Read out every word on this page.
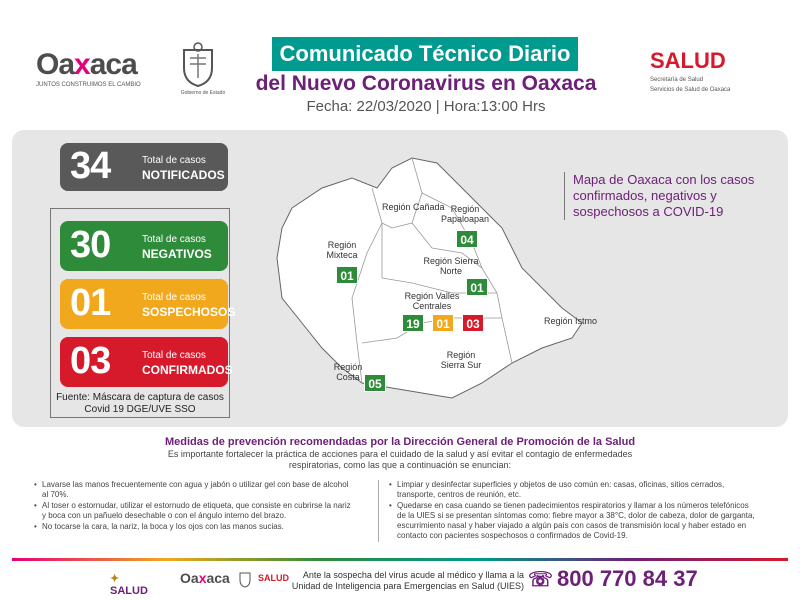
Oaxaca
JUNTOS CONSTRUIMOS EL CAMBIO
Gobierno de Estado
Comunicado Técnico Diario
del Nuevo Coronavirus en Oaxaca
Fecha: 22/03/2020 | Hora:13:00 Hrs
SALUD
Secretaría de Salud
Servicios de Salud de Oaxaca
34	Total de casos
NOTIFICADOS
30	Total de casos
NEGATIVOS
01	Total de casos
SOSPECHOSOS
03	Total de casos
CONFIRMADOS
Fuente: Máscara de captura de casos Covid 19 DGE/UVE SSO
Región Cañada Región Papaloapan
Región Mixteca
Región Sierra Norte
Región Valles Centrales
Región Istmo
Región Costa
Región Sierra Sur
04
01
01
19	01	03
05
Mapa de Oaxaca con los casos confirmados, negativos y sospechosos a COVID-19
Medidas de prevención recomendadas por la Dirección General de Promoción de la Salud
Es importante fortalecer la práctica de acciones para el cuidado de la salud y así evitar el contagio de enfermedades respiratorias, como las que a continuación se enuncian:
• Lavarse las manos frecuentemente con agua y jabón o utilizar gel con base de alcohol al 70%.
• Al toser o estornudar, utilizar el estornudo de etiqueta, que consiste en cubrirse la nariz y boca con un pañuelo desechable o con el ángulo interno del brazo.
• No tocarse la cara, la nariz, la boca y los ojos con las manos sucias.
• Limpiar y desinfectar superficies y objetos de uso común en: casas, oficinas, sitios cerrados, transporte, centros de reunión, etc.
• Quedarse en casa cuando se tienen padecimientos respiratorios y llamar a los números telefónicos de la UIES si se presentan síntomas como: fiebre mayor a 38°C, dolor de cabeza, dolor de garganta, escurrimiento nasal y haber viajado a algún país con casos de transmisión local y haber estado en contacto con pacientes sospechosos o confirmados de Covid-19.
✦ SALUD
Oaxaca	SALUD	Ante la sospecha del virus acude al médico y llama a la
Unidad de Inteligencia para Emergencias en Salud (UIES) ☏ 800 770 84 37
